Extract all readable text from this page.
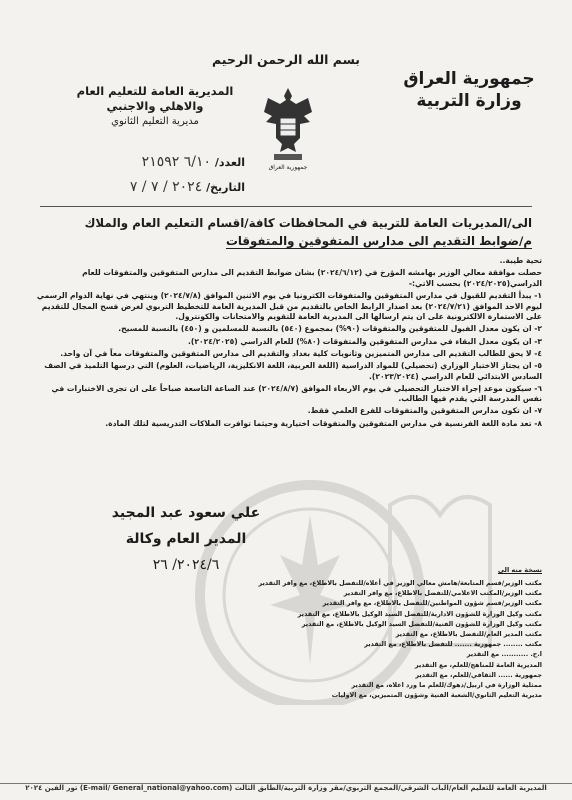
بسم الله الرحمن الرحيم
جمهورية العراق
وزارة التربية
المديرية العامة للتعليم العام
والاهلي والاجنبي
مديرية التعليم الثانوي
جمهورية العراق
العدد/ ٦/١٠ ٢١٥٩٢
التاريخ/ ٢٠٢٤ / ٧ / ٧
الى/المديريات العامة للتربية في المحافظات كافة/اقسام التعليم العام والملاك
م/ضوابط التقديم الى مدارس المتفوقين والمتفوقات

تحية طيبة..

حصلت موافقة معالي الوزير بهامشه المؤرخ في (٢٠٢٤/٦/١٢) بشان ضوابط التقديم الى مدارس المتفوقين والمتفوقات للعام الدراسي(٢٠٢٤/٢٠٢٥) بحسب الاتي:-

١- يبدأ التقديم للقبول في مدارس المتفوقين والمتفوقات الكترونيا في يوم الاثنين الموافق (٢٠٢٤/٧/٨) وينتهي في نهاية الدوام الرسمي ليوم الاحد الموافق (٢٠٢٤/٧/٢١) بعد اصدار الرابط الخاص بالتقديم من قبل المديرية العامة للتخطيط التربوي لغرض فسح المجال للتقديم على الاستمارة الالكترونية على ان يتم ارسالها الى المديرية العامة للتقويم والامتحانات والكونترول.

٢- ان يكون معدل الفبول للمتفوقين والمتفوقات (٩٠%) بمجموع (٥٤٠) بالنسبة للمسلمين و (٤٥٠) بالنسبة للمسيح.

٣- ان يكون معدل البقاء في مدارس المتفوقين والمتفوقات (٨٠%) للعام الدراسي (٢٠٢٤/٢٠٢٥).

٤- لا يحق للطالب التقديم الى مدارس المتميزين وثانويات كلية بغداد والتقديم الى مدارس المتفوقين والمتفوقات معاً في آن واحد.

٥- ان يجتاز الاختبار الوزاري (تحصيلي) للمواد الدراسية (اللغة العربية، اللغة الانكليزية، الرياضيات، العلوم) التي درسها التلميذ في الصف السادس الابتدائي للعام الدراسي (٢٠٢٣/٢٠٢٤).

٦- سيكون موعد إجراء الاختبار التحصيلي في يوم الاربعاء الموافق (٢٠٢٤/٨/٧) عند الساعة التاسعة صباحاً على ان تجرى الاختبارات في نفس المدرسة التي يقدم فيها الطالب.

٧- ان تكون مدارس المتفوقين والمتفوقات للفرع العلمي فقط.

٨- تعد مادة اللغة الفرنسية في مدارس المتفوقين والمتفوقات اختيارية وحيثما توافرت الملاكات التدريسية لتلك المادة.

علي سعود عبد المجيد
المدير العام وكالة
٢٠٢٤/٦/ ٢٦	نسخة منه الى
مكتب الوزير/قسم المتابعة/هامش معالي الوزير في أعلاه/للتفضل بالاطلاع، مع وافر التقدير
مكتب الوزير/المكتب الاعلامي/للتفضل بالاطلاع، مع وافر التقدير
مكتب الوزير/قسم شؤون المواطنين/للتفضل بالاطلاع، مع وافر التقدير
مكتب وكيل الوزارة للشؤون الادارية/للتفضل السيد الوكيل بالاطلاع، مع التقدير
مكتب وكيل الوزارة للشؤون الفنية/للتفضل السيد الوكيل بالاطلاع، مع التقدير
مكتب المدير العام/للتفضل بالاطلاع، مع التقدير
مكتب ........ جمهورية ....... للتفضل بالاطلاع، مع التقدير
ا.ح. ........... مع التقدير
المديرية العامة للمناهج/للعلم، مع التقدير
جمهورية ...... الثقافي/للعلم، مع التقدير
ممثلية الوزارة في اربيل/دهوك/للعلم ما ورد اعلاه، مع التقدير
مديرية التعليم الثانوي/الشعبة الفنية وشؤون المتميزين، مع الاوليات
المديرية العامة للتعليم العام/الباب الشرقي/المجمع التربوي/مقر وزارة التربية/الطابق الثالث (E-mail/ General_national@yahoo.com) تور الفين ٢٠٢٤
